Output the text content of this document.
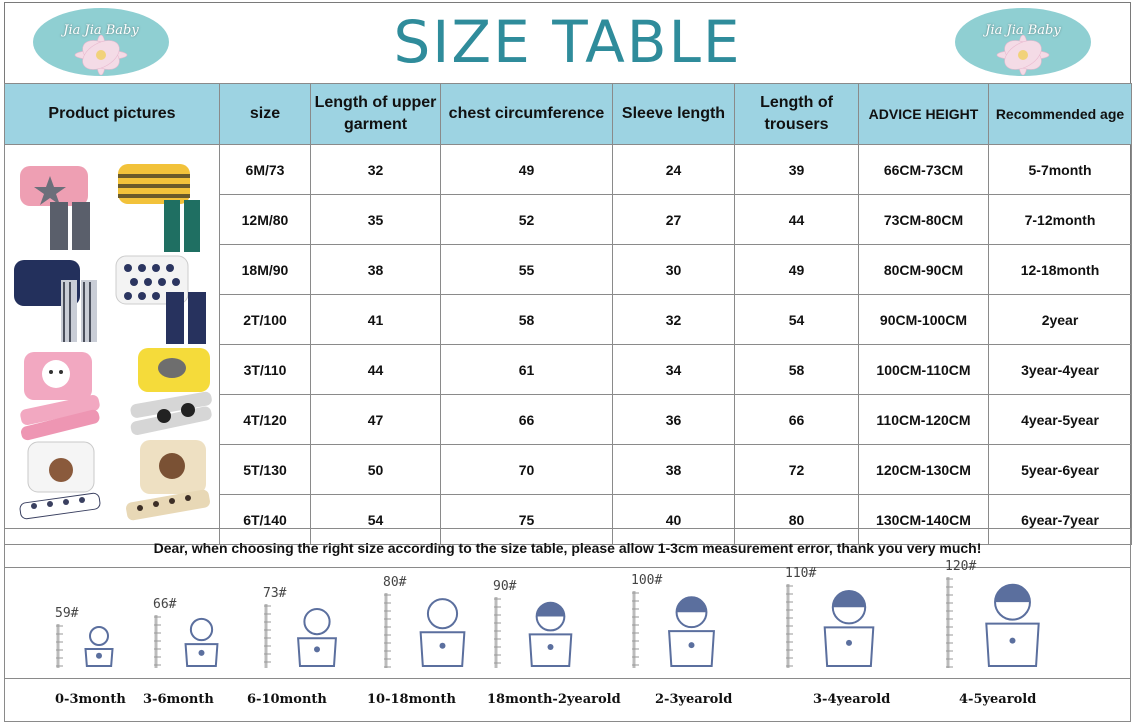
Jia Jia Baby	SIZE TABLE	Jia Jia Baby
Product pictures	size	Length of upper garment	chest circumference	Sleeve length	Length of trousers	ADVICE HEIGHT	Recommended age
	6M/73	32	49	24	39	66CM-73CM	5-7month
	12M/80	35	52	27	44	73CM-80CM	7-12month
	18M/90	38	55	30	49	80CM-90CM	12-18month
	2T/100	41	58	32	54	90CM-100CM	2year
	3T/110	44	61	34	58	100CM-110CM	3year-4year
	4T/120	47	66	36	66	110CM-120CM	4year-5year
	5T/130	50	70	38	72	120CM-130CM	5year-6year
	6T/140	54	75	40	80	130CM-140CM	6year-7year
Dear, when choosing the right size according to the size table, please allow 1-3cm measurement error, thank you very much!
59#
0-3month
66#
3-6month
73#
6-10month
80#
10-18month
90#
18month-2yearold
100#
2-3yearold
110#
3-4yearold
120#
4-5yearold
